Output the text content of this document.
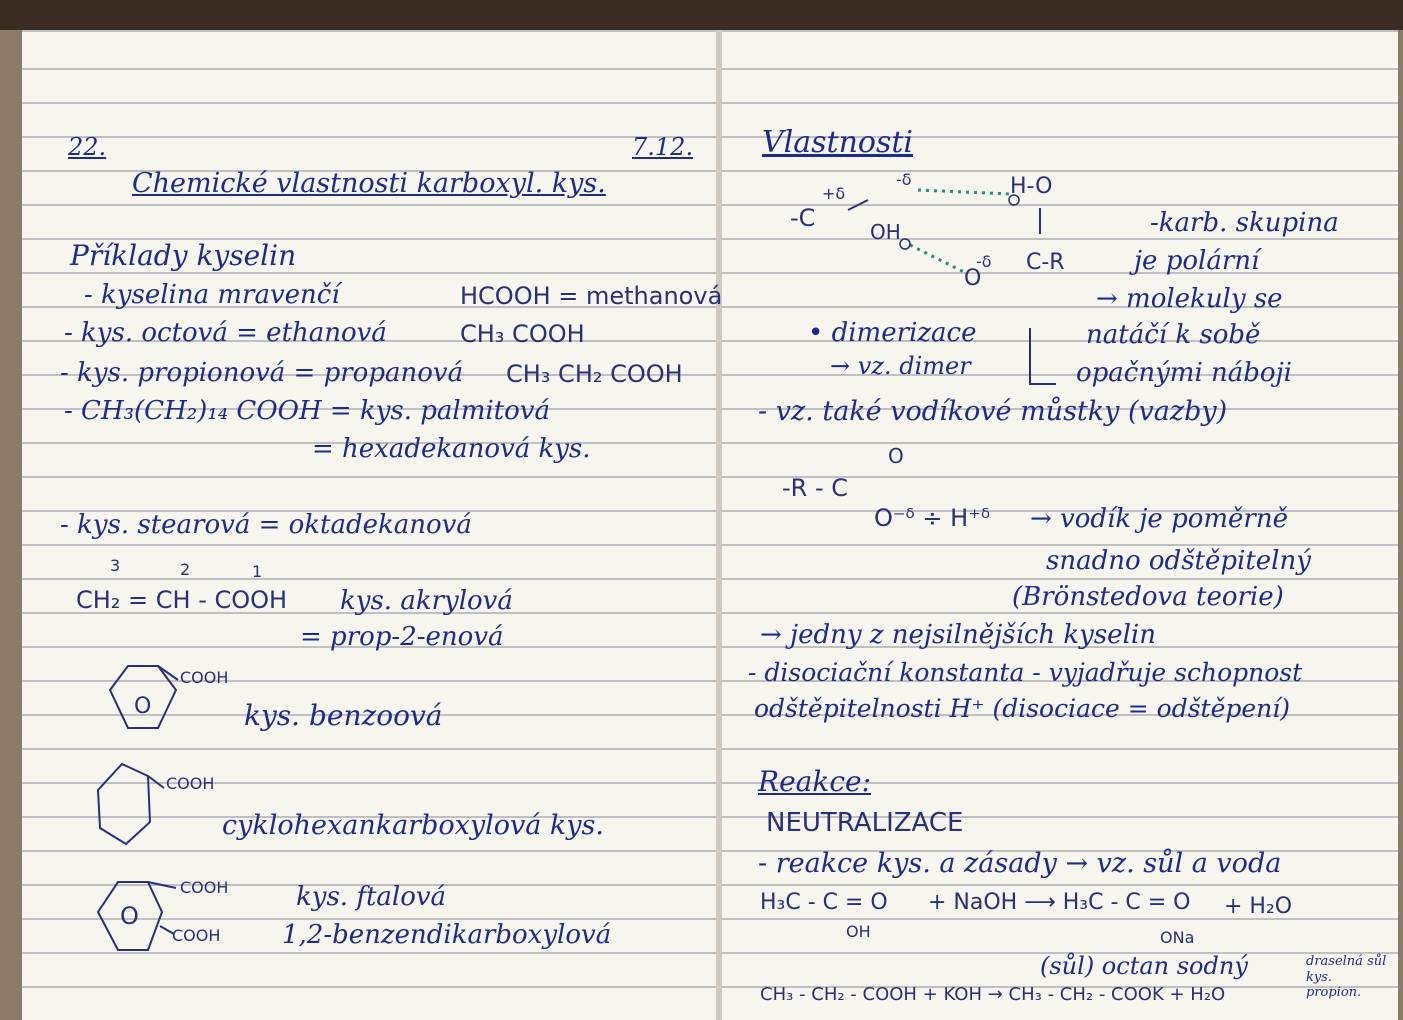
22.	7.12.
Chemické vlastnosti karboxyl. kys.
Příklady kyselin
- kyselina mravenčí	HCOOH = methanová
- kys. octová = ethanová	CH₃ COOH
- kys. propionová = propanová CH₃ CH₂ COOH
- CH₃(CH₂)₁₄ COOH = kys. palmitová
= hexadekanová kys.
- kys. stearová = oktadekanová
3	2	1
CH₂ = CH - COOH kys. akrylová
= prop-2-enová
COOH
O	kys. benzoová
COOH
cyklohexankarboxylová kys.
COOH
COOH
O
kys. ftalová
1,2-benzendikarboxylová
Vlastnosti
+δ
-δ	H-O
-C	OH
-δ
O
C-R
-karb. skupina
je polární
→ molekuly se
natáčí k sobě
opačnými náboji
• dimerizace
→ vz. dimer
- vz. také vodíkové můstky (vazby)
O
-R - C
O⁻ᵟ ÷ H⁺ᵟ → vodík je poměrně
snadno odštěpitelný
(Brönstedova teorie)
→ jedny z nejsilnějších kyselin
- disociační konstanta - vyjadřuje schopnost
odštěpitelnosti H⁺ (disociace = odštěpení)
Reakce:
NEUTRALIZACE
- reakce kys. a zásady → vz. sůl a voda
H₃C - C = O
OH
+ NaOH ⟶ H₃C - C = O
ONa
+ H₂O
(sůl) octan sodný	draselná sůl kys. propion.
CH₃ - CH₂ - COOH + KOH → CH₃ - CH₂ - COOK + H₂O
